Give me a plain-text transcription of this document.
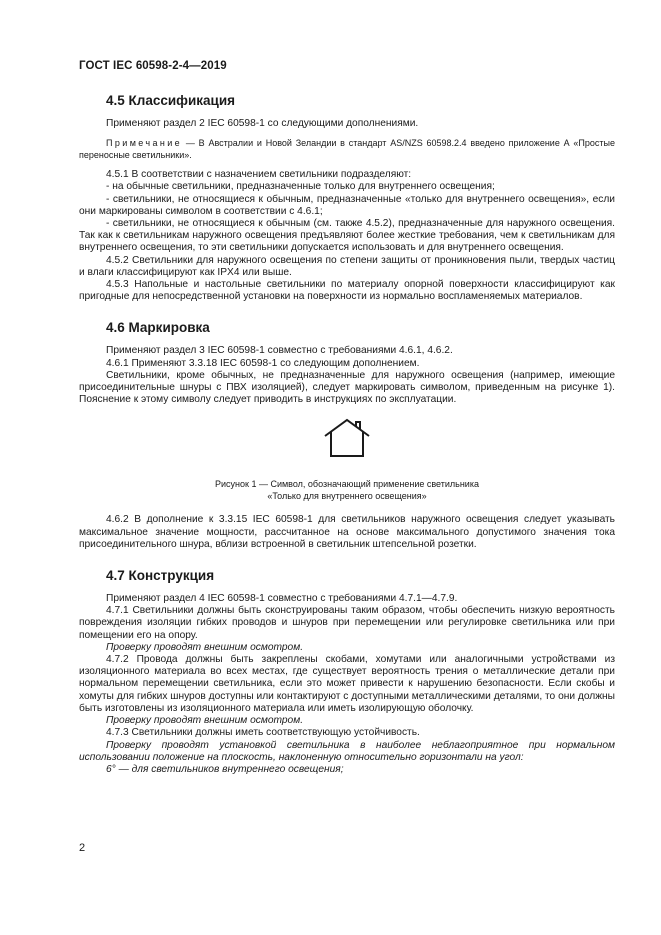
ГОСТ IEC 60598-2-4—2019
4.5 Классификация

Применяют раздел 2 IEC 60598-1 со следующими дополнениями.

Примечание — В Австралии и Новой Зеландии в стандарт AS/NZS 60598.2.4 введено приложение А «Простые переносные светильники».

4.5.1 В соответствии с назначением светильники подразделяют:

- на обычные светильники, предназначенные только для внутреннего освещения;

- светильники, не относящиеся к обычным, предназначенные «только для внутреннего освещения», если они маркированы символом в соответствии с 4.6.1;

- светильники, не относящиеся к обычным (см. также 4.5.2), предназначенные для наружного освещения. Так как к светильникам наружного освещения предъявляют более жесткие требования, чем к светильникам для внутреннего освещения, то эти светильники допускается использовать и для внутреннего освещения.

4.5.2 Светильники для наружного освещения по степени защиты от проникновения пыли, твердых частиц и влаги классифицируют как IPX4 или выше.

4.5.3 Напольные и настольные светильники по материалу опорной поверхности классифицируют как пригодные для непосредственной установки на поверхности из нормально воспламеняемых материалов.

4.6 Маркировка

Применяют раздел 3 IEC 60598-1 совместно с требованиями 4.6.1, 4.6.2.

4.6.1 Применяют 3.3.18 IEC 60598-1 со следующим дополнением.

Светильники, кроме обычных, не предназначенные для наружного освещения (например, имеющие присоединительные шнуры с ПВХ изоляцией), следует маркировать символом, приведенным на рисунке 1). Пояснение к этому символу следует приводить в инструкциях по эксплуатации.

Рисунок 1 — Символ, обозначающий применение светильника
«Только для внутреннего освещения»

4.6.2 В дополнение к 3.3.15 IEC 60598-1 для светильников наружного освещения следует указывать максимальное значение мощности, рассчитанное на основе максимального допустимого значения тока присоединительного шнура, вблизи встроенной в светильник штепсельной розетки.

4.7 Конструкция

Применяют раздел 4 IEC 60598-1 совместно с требованиями 4.7.1—4.7.9.

4.7.1 Светильники должны быть сконструированы таким образом, чтобы обеспечить низкую вероятность повреждения изоляции гибких проводов и шнуров при перемещении или регулировке светильника или при помещении его на опору.

Проверку проводят внешним осмотром.

4.7.2 Провода должны быть закреплены скобами, хомутами или аналогичными устройствами из изоляционного материала во всех местах, где существует вероятность трения о металлические детали при нормальном перемещении светильника, если это может привести к нарушению безопасности. Если скобы и хомуты для гибких шнуров доступны или контактируют с доступными металлическими деталями, то они должны быть изготовлены из изоляционного материала или иметь изолирующую оболочку.

Проверку проводят внешним осмотром.

4.7.3 Светильники должны иметь соответствующую устойчивость.

Проверку проводят установкой светильника в наиболее неблагоприятное при нормальном использовании положение на плоскость, наклоненную относительно горизонтали на угол:

6° — для светильников внутреннего освещения;

2
